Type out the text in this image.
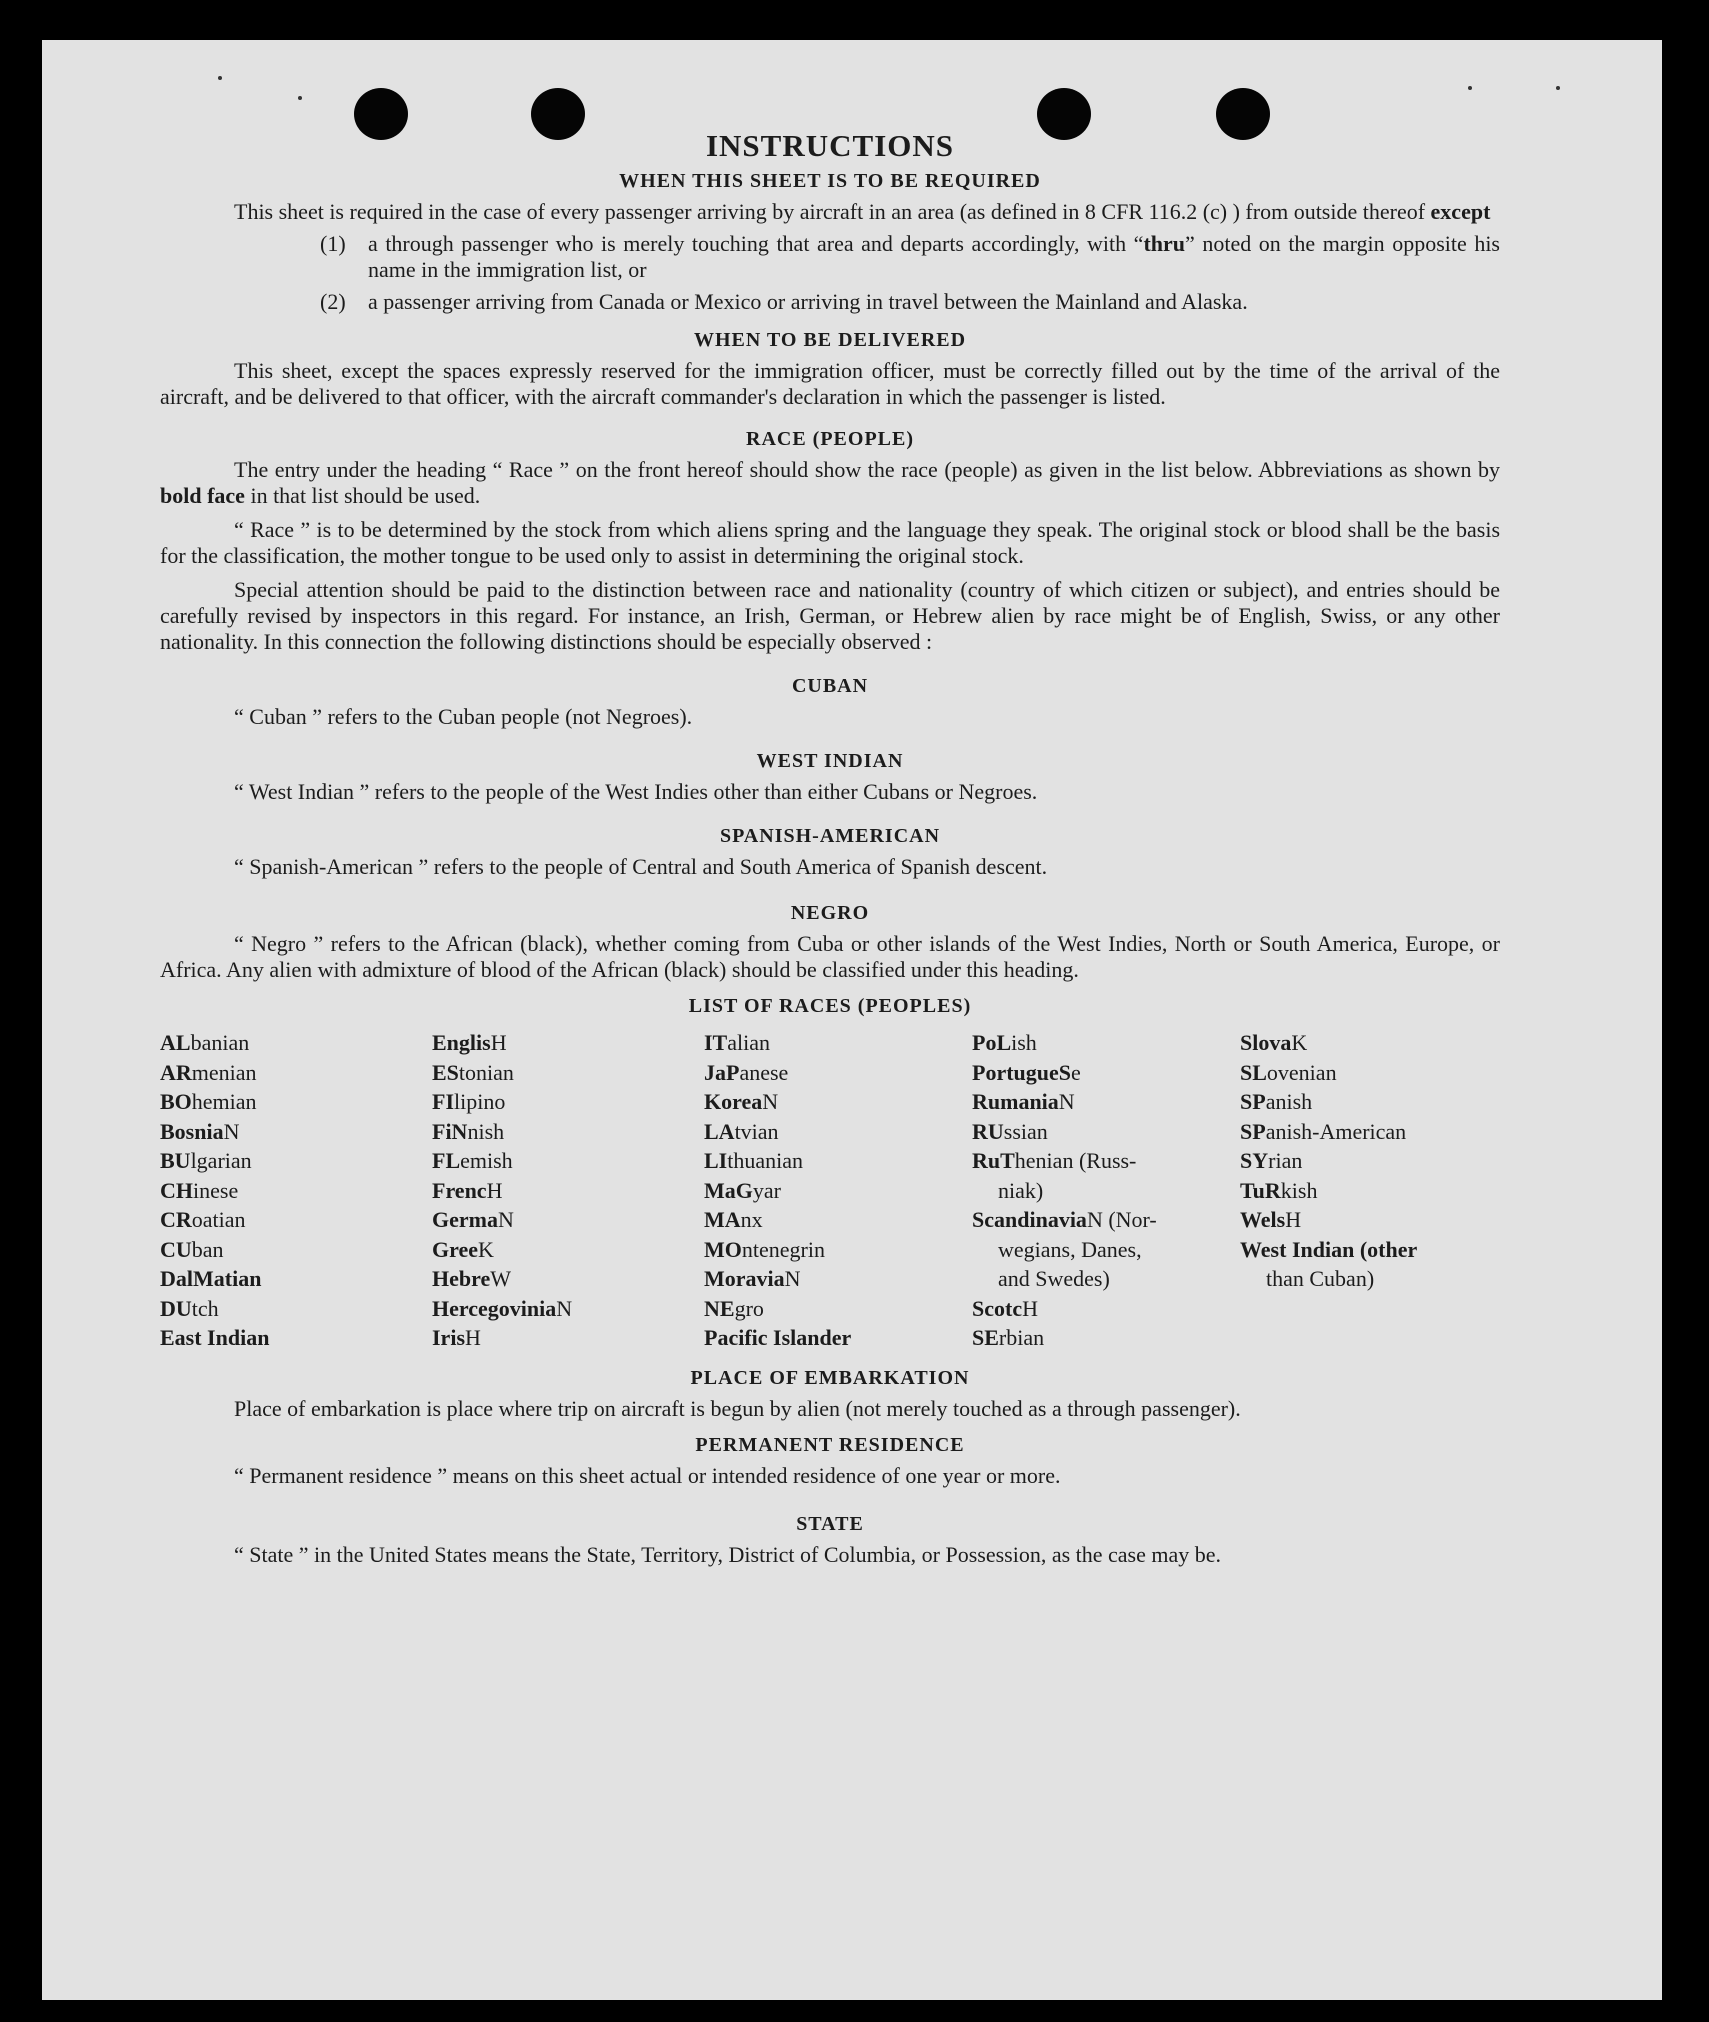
INSTRUCTIONS
WHEN THIS SHEET IS TO BE REQUIRED

This sheet is required in the case of every passenger arriving by aircraft in an area (as defined in 8 CFR 116.2 (c) ) from outside thereof except

(1)	a through passenger who is merely touching that area and departs accordingly, with “thru” noted on the margin opposite his name in the immigration list, or
(2)	a passenger arriving from Canada or Mexico or arriving in travel between the Mainland and Alaska.
WHEN TO BE DELIVERED

This sheet, except the spaces expressly reserved for the immigration officer, must be correctly filled out by the time of the arrival of the aircraft, and be delivered to that officer, with the aircraft commander's declaration in which the passenger is listed.

RACE (PEOPLE)

The entry under the heading “ Race ” on the front hereof should show the race (people) as given in the list below. Abbreviations as shown by bold face in that list should be used.

“ Race ” is to be determined by the stock from which aliens spring and the language they speak. The original stock or blood shall be the basis for the classification, the mother tongue to be used only to assist in determining the original stock.

Special attention should be paid to the distinction between race and nationality (country of which citizen or subject), and entries should be carefully revised by inspectors in this regard. For instance, an Irish, German, or Hebrew alien by race might be of English, Swiss, or any other nationality. In this connection the following distinctions should be especially observed :

CUBAN

“ Cuban ” refers to the Cuban people (not Negroes).

WEST INDIAN

“ West Indian ” refers to the people of the West Indies other than either Cubans or Negroes.

SPANISH-AMERICAN

“ Spanish-American ” refers to the people of Central and South America of Spanish descent.

NEGRO

“ Negro ” refers to the African (black), whether coming from Cuba or other islands of the West Indies, North or South America, Europe, or Africa. Any alien with admixture of blood of the African (black) should be classified under this heading.

LIST OF RACES (PEOPLES)
ALbanian
ARmenian
BOhemian
BosniaN
BUlgarian
CHinese
CRoatian
CUban
DalMatian
DUtch
East Indian
EnglisH
EStonian
FIlipino
FiNnish
FLemish
FrencH
GermaN
GreeK
HebreW
HercegoviniaN
IrisH
ITalian
JaPanese
KoreaN
LAtvian
LIthuanian
MaGyar
MAnx
MOntenegrin
MoraviaN
NEgro
Pacific Islander
PoLish
PortugueSe
RumaniaN
RUssian
RuThenian (Russ-
niak)
ScandinaviaN (Nor-
wegians, Danes,
and Swedes)
ScotcH
SErbian
SlovaK
SLovenian
SPanish
SPanish-American
SYrian
TuRkish
WelsH
West Indian (other
than Cuban)
PLACE OF EMBARKATION

Place of embarkation is place where trip on aircraft is begun by alien (not merely touched as a through passenger).

PERMANENT RESIDENCE

“ Permanent residence ” means on this sheet actual or intended residence of one year or more.

STATE

“ State ” in the United States means the State, Territory, District of Columbia, or Possession, as the case may be.
